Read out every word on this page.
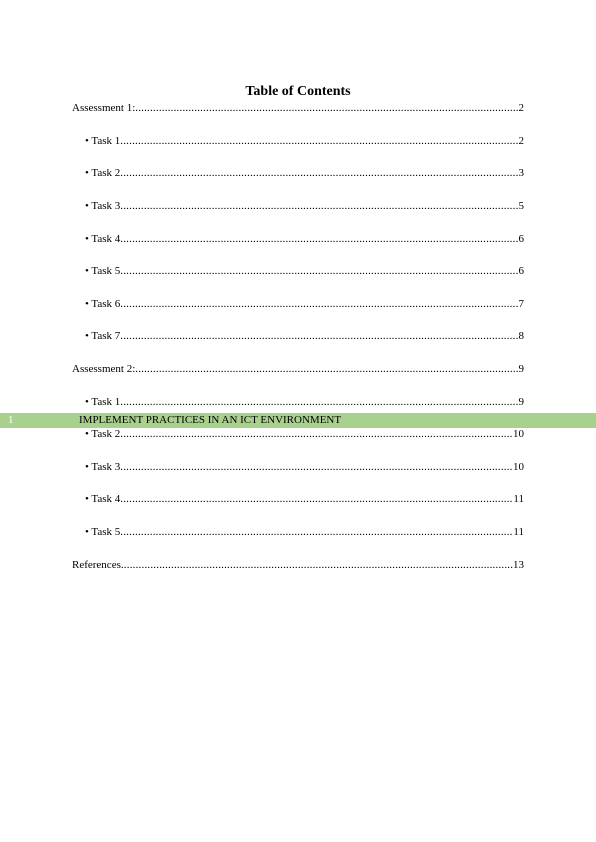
Table of Contents
Assessment 1: .....	2
• Task 1 .....	2
• Task 2 .....	3
• Task 3 .....	5
• Task 4 .....	6
• Task 5 .....	6
• Task 6 .....	7
• Task 7 .....	8
Assessment 2: .....	9
• Task 1 .....	9
• Task 2 .....	10
• Task 3 .....	10
• Task 4 .....	11
• Task 5 .....	11
References .....	13
1	IMPLEMENT PRACTICES IN AN ICT ENVIRONMENT
